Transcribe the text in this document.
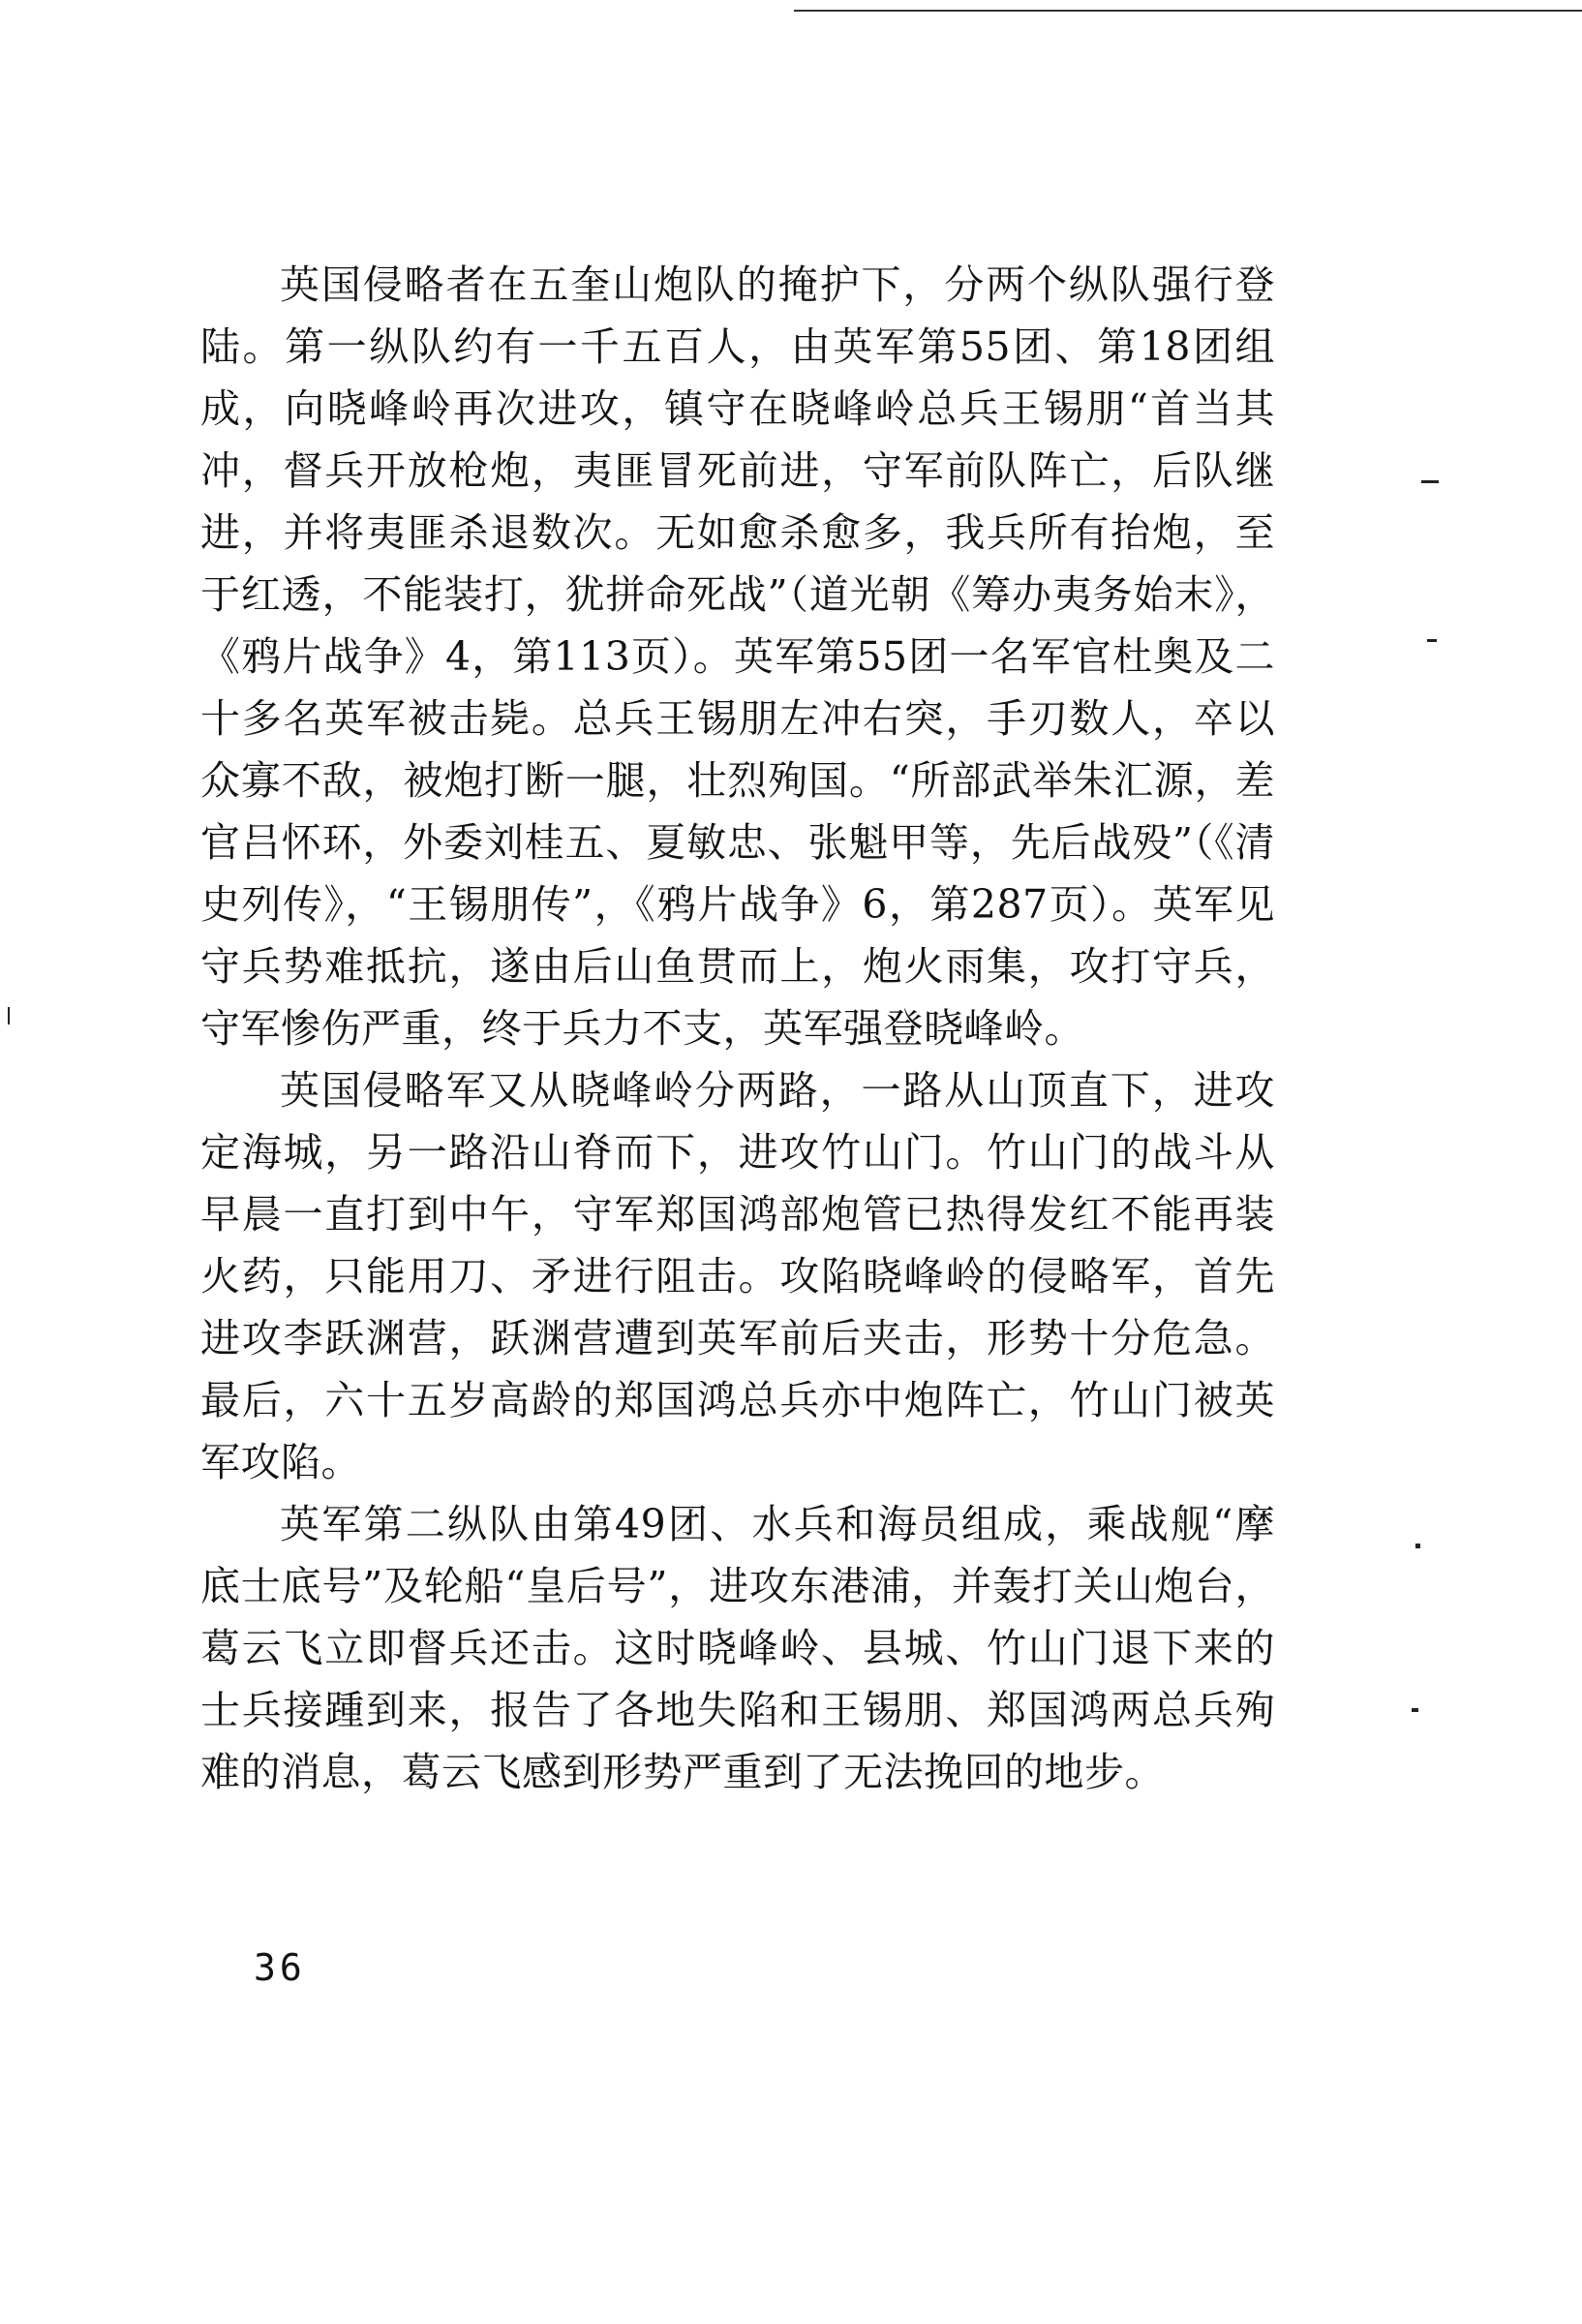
英国侵略者在五奎山炮队的掩护下，分两个纵队强行登陆。第一纵队约有一千五百人，由英军第55团、第18团组成，向晓峰岭再次进攻，镇守在晓峰岭总兵王锡朋“首当其冲，督兵开放枪炮，夷匪冒死前进，守军前队阵亡，后队继进，并将夷匪杀退数次。无如愈杀愈多，我兵所有抬炮，至于红透，不能装打，犹拼命死战”（道光朝《筹办夷务始末》，《鸦片战争》4，第113页）。英军第55团一名军官杜奥及二十多名英军被击毙。总兵王锡朋左冲右突，手刃数人，卒以众寡不敌，被炮打断一腿，壮烈殉国。“所部武举朱汇源，差官吕怀环，外委刘桂五、夏敏忠、张魁甲等，先后战殁”（《清史列传》，“王锡朋传”，《鸦片战争》6，第287页）。英军见守兵势难抵抗，遂由后山鱼贯而上，炮火雨集，攻打守兵，守军惨伤严重，终于兵力不支，英军强登晓峰岭。

英国侵略军又从晓峰岭分两路，一路从山顶直下，进攻定海城，另一路沿山脊而下，进攻竹山门。竹山门的战斗从早晨一直打到中午，守军郑国鸿部炮管已热得发红不能再装火药，只能用刀、矛进行阻击。攻陷晓峰岭的侵略军，首先进攻李跃渊营，跃渊营遭到英军前后夹击，形势十分危急。最后，六十五岁高龄的郑国鸿总兵亦中炮阵亡，竹山门被英军攻陷。

英军第二纵队由第49团、水兵和海员组成，乘战舰“摩底士底号”及轮船“皇后号”，进攻东港浦，并轰打关山炮台，葛云飞立即督兵还击。这时晓峰岭、县城、竹山门退下来的士兵接踵到来，报告了各地失陷和王锡朋、郑国鸿两总兵殉难的消息，葛云飞感到形势严重到了无法挽回的地步。

36
